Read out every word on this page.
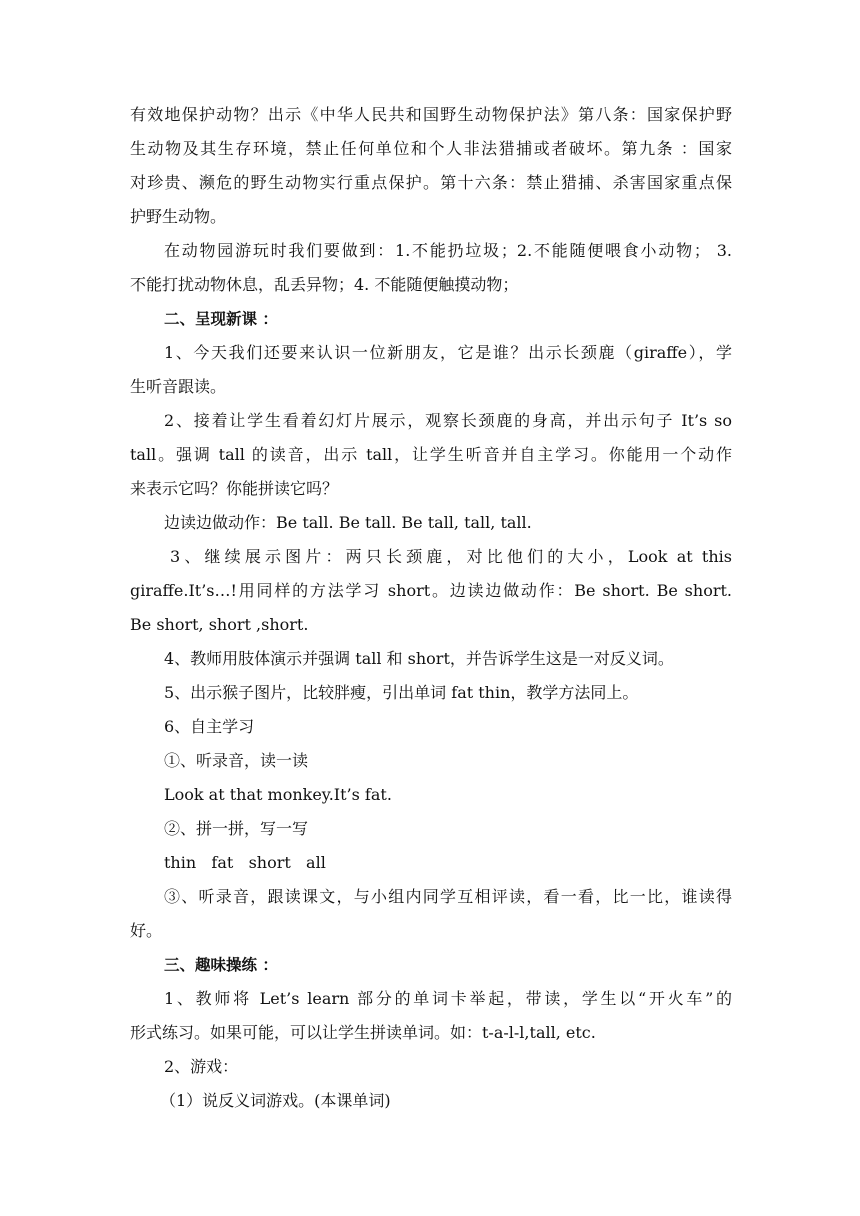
有效地保护动物？出示《中华人民共和国野生动物保护法》第八条：国家保护野
生动物及其生存环境，禁止任何单位和个人非法猎捕或者破坏。第九条 ：国家
对珍贵、濒危的野生动物实行重点保护。第十六条：禁止猎捕、杀害国家重点保
护野生动物。
在动物园游玩时我们要做到：1.不能扔垃圾；2.不能随便喂食小动物； 3.
不能打扰动物休息，乱丢异物；4. 不能随便触摸动物；
二、呈现新课 ：
1、今天我们还要来认识一位新朋友，它是谁？出示长颈鹿（giraffe），学
生听音跟读。
2、接着让学生看着幻灯片展示，观察长颈鹿的身高，并出示句子 It’s so
tall。强调 tall 的读音，出示 tall，让学生听音并自主学习。你能用一个动作
来表示它吗？你能拼读它吗？
边读边做动作：Be tall. Be tall. Be tall, tall, tall.
3、继续展示图片：两只长颈鹿，对比他们的大小，Look at this
giraffe.It’s…!用同样的方法学习 short。边读边做动作：Be short. Be short.
Be short, short ,short.
4、教师用肢体演示并强调 tall 和 short，并告诉学生这是一对反义词。
5、出示猴子图片，比较胖瘦，引出单词 fat thin，教学方法同上。
6、自主学习
①、听录音，读一读
Look at that monkey.It’s fat.
②、拼一拼，写一写
thin   fat   short   all
③、听录音，跟读课文，与小组内同学互相评读，看一看，比一比，谁读得
好。
三、趣味操练 ：
1、教师将 Let’s learn 部分的单词卡举起，带读，学生以“开火车”的
形式练习。如果可能，可以让学生拼读单词。如：t-a-l-l,tall, etc.
2、游戏：
（1）说反义词游戏。(本课单词)
